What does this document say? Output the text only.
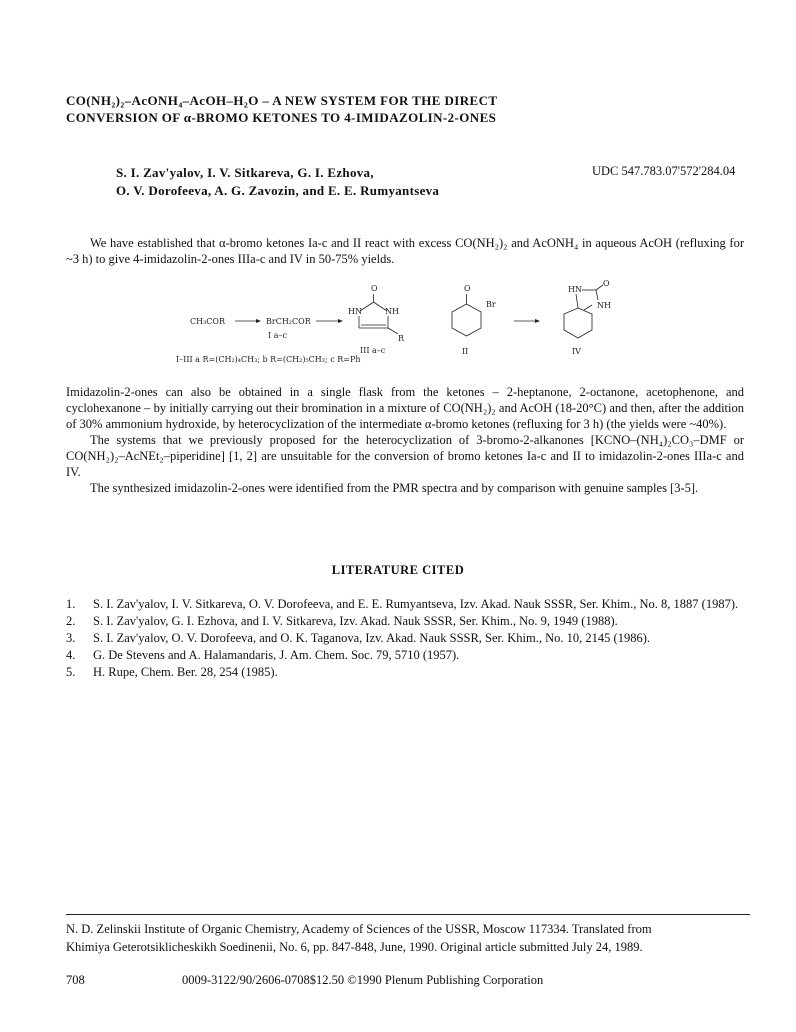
CO(NH₂)₂–AcONH₄–AcOH–H₂O – A NEW SYSTEM FOR THE DIRECT
CONVERSION OF α-BROMO KETONES TO 4-IMIDAZOLIN-2-ONES
S. I. Zav'yalov, I. V. Sitkareva, G. I. Ezhova,
O. V. Dorofeeva, A. G. Zavozin, and E. E. Rumyantseva
UDC 547.783.07'572'284.04

We have established that α-bromo ketones Ia-c and II react with excess CO(NH₂)₂ and AcONH₄ in aqueous AcOH (refluxing for ~3 h) to give 4-imidazolin-2-ones IIIa-c and IV in 50-75% yields.

CH₃COR	BrCH₂COR
I a–c
O
HN	NH
R
III a–c
I–III a R=(CH₂)₄CH₃; b R=(CH₂)₅CH₃; c R=Ph
O
Br
II
HN
O
NH
IV

Imidazolin-2-ones can also be obtained in a single flask from the ketones – 2-heptanone, 2-octanone, acetophenone, and cyclohexanone – by initially carrying out their bromination in a mixture of CO(NH₂)₂ and AcOH (18-20°C) and then, after the addition of 30% ammonium hydroxide, by heterocyclization of the intermediate α-bromo ketones (refluxing for 3 h) (the yields were ~40%).

The systems that we previously proposed for the heterocyclization of 3-bromo-2-alkanones [KCNO–(NH₄)₂CO₃–DMF or CO(NH₂)₂–AcNEt₂–piperidine] [1, 2] are unsuitable for the conversion of bromo ketones Ia-c and II to imidazolin-2-ones IIIa-c and IV.

The synthesized imidazolin-2-ones were identified from the PMR spectra and by comparison with genuine samples [3-5].

LITERATURE CITED
1. S. I. Zav'yalov, I. V. Sitkareva, O. V. Dorofeeva, and E. E. Rumyantseva, Izv. Akad. Nauk SSSR, Ser. Khim., No. 8, 1887 (1987).
2. S. I. Zav'yalov, G. I. Ezhova, and I. V. Sitkareva, Izv. Akad. Nauk SSSR, Ser. Khim., No. 9, 1949 (1988).
3. S. I. Zav'yalov, O. V. Dorofeeva, and O. K. Taganova, Izv. Akad. Nauk SSSR, Ser. Khim., No. 10, 2145 (1986).
4. G. De Stevens and A. Halamandaris, J. Am. Chem. Soc. 79, 5710 (1957).
5. H. Rupe, Chem. Ber. 28, 254 (1985).
N. D. Zelinskii Institute of Organic Chemistry, Academy of Sciences of the USSR, Moscow 117334. Translated from
Khimiya Geterotsiklicheskikh Soedinenii, No. 6, pp. 847-848, June, 1990. Original article submitted July 24, 1989.
708	0009-3122/90/2606-0708$12.50 ©1990 Plenum Publishing Corporation
